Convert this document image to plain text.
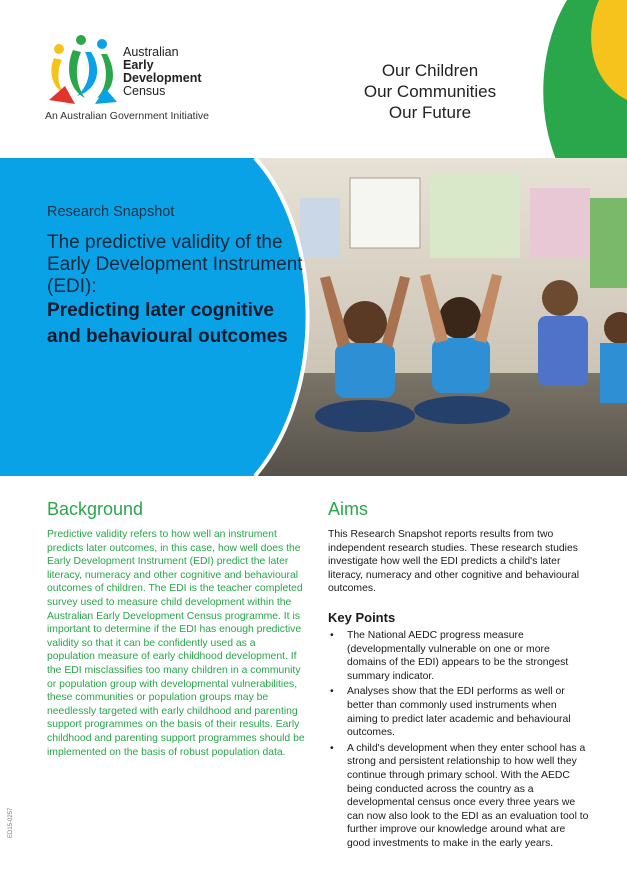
Australian
Early
Development
Census
An Australian Government Initiative
Our Children
Our Communities
Our Future
Research Snapshot

The predictive validity of the Early Development Instrument (EDI):

Predicting later cognitive and behavioural outcomes

Background

Predictive validity refers to how well an instrument predicts later outcomes, in this case, how well does the Early Development Instrument (EDI) predict the later literacy, numeracy and other cognitive and behavioural outcomes of children. The EDI is the teacher completed survey used to measure child development within the Australian Early Development Census programme. It is important to determine if the EDI has enough predictive validity so that it can be confidently used as a population measure of early childhood development. If the EDI misclassifies too many children in a community or population group with developmental vulnerabilities, these communities or population groups may be needlessly targeted with early childhood and parenting support programmes on the basis of their results. Early childhood and parenting support programmes should be implemented on the basis of robust population data.

Aims

This Research Snapshot reports results from two independent research studies. These research studies investigate how well the EDI predicts a child's later literacy, numeracy and other cognitive and behavioural outcomes.

Key Points
• The National AEDC progress measure (developmentally vulnerable on one or more domains of the EDI) appears to be the strongest summary indicator.
• Analyses show that the EDI performs as well or better than commonly used instruments when aiming to predict later academic and behavioural outcomes.
• A child's development when they enter school has a strong and persistent relationship to how well they continue through primary school. With the AEDC being conducted across the country as a developmental census once every three years we can now also look to the EDI as an evaluation tool to further improve our knowledge around what are good investments to make in the early years.
ED15-0257
